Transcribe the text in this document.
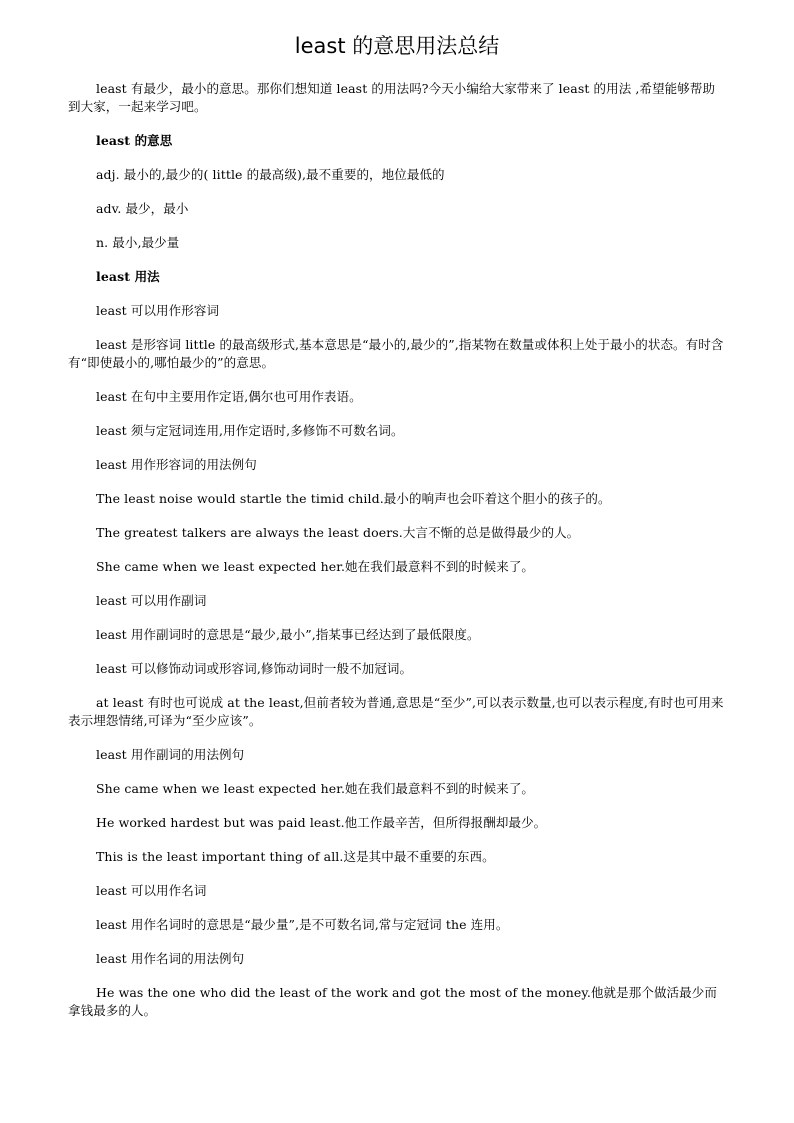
least 的意思用法总结

least 有最少，最小的意思。那你们想知道 least 的用法吗?今天小编给大家带来了 least 的用法 ,希望能够帮助到大家，一起来学习吧。

least 的意思

adj. 最小的,最少的( little 的最高级),最不重要的，地位最低的

adv. 最少，最小

n. 最小,最少量

least 用法

least 可以用作形容词

least 是形容词 little 的最高级形式,基本意思是“最小的,最少的”,指某物在数量或体积上处于最小的状态。有时含有“即使最小的,哪怕最少的”的意思。

least 在句中主要用作定语,偶尔也可用作表语。

least 须与定冠词连用,用作定语时,多修饰不可数名词。

least 用作形容词的用法例句

The least noise would startle the timid child.最小的响声也会吓着这个胆小的孩子的。

The greatest talkers are always the least doers.大言不惭的总是做得最少的人。

She came when we least expected her.她在我们最意料不到的时候来了。

least 可以用作副词

least 用作副词时的意思是“最少,最小”,指某事已经达到了最低限度。

least 可以修饰动词或形容词,修饰动词时一般不加冠词。

at least 有时也可说成 at the least,但前者较为普通,意思是“至少”,可以表示数量,也可以表示程度,有时也可用来表示埋怨情绪,可译为“至少应该”。

least 用作副词的用法例句

She came when we least expected her.她在我们最意料不到的时候来了。

He worked hardest but was paid least.他工作最辛苦，但所得报酬却最少。

This is the least important thing of all.这是其中最不重要的东西。

least 可以用作名词

least 用作名词时的意思是“最少量”,是不可数名词,常与定冠词 the 连用。

least 用作名词的用法例句

He was the one who did the least of the work and got the most of the money.他就是那个做活最少而拿钱最多的人。
